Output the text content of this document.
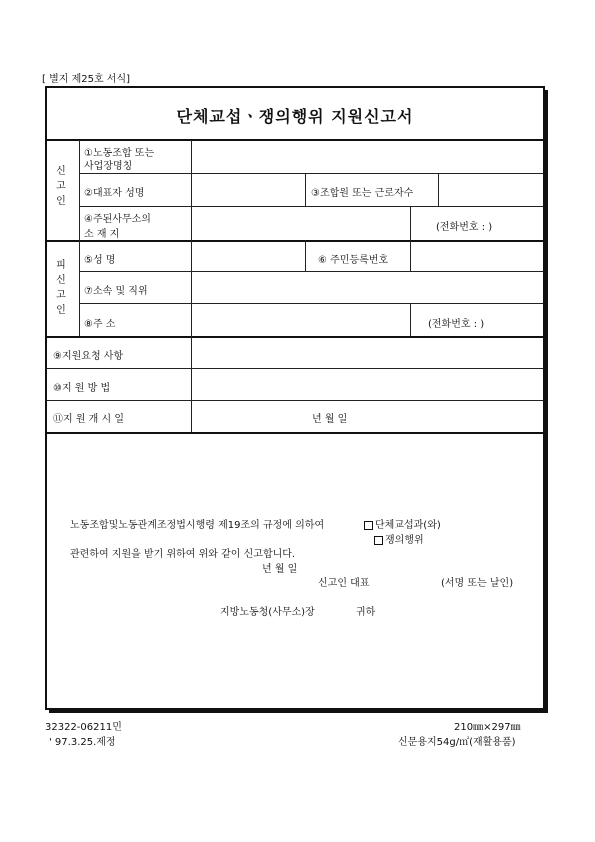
[ 별지 제25호 서식]
단체교섭ㆍ쟁의행위 지원신고서
신
고
인
피
신
고
인
①노동조합 또는
사업장명칭
②대표자 성명	③조합원 또는 근로자수
④주된사무소의
소 재 지
(전화번호 : )
⑤성 명	⑥ 주민등록번호
⑦소속 및 직위
⑧주 소	(전화번호 : )
⑨지원요청 사항
⑩지 원 방 법
⑪지 원 개 시 일	년 월 일
노동조합및노동관계조정법시행령 제19조의 규정에 의하여	단체교섭과(와)
쟁의행위
관련하여 지원을 받기 위하여 위와 같이 신고합니다.
년 월 일
신고인 대표	(서명 또는 날인)
지방노동청(사무소)장	귀하
32322-06211민
' 97.3.25.제정
210㎜×297㎜
신문용지54g/㎡(재활용품)
